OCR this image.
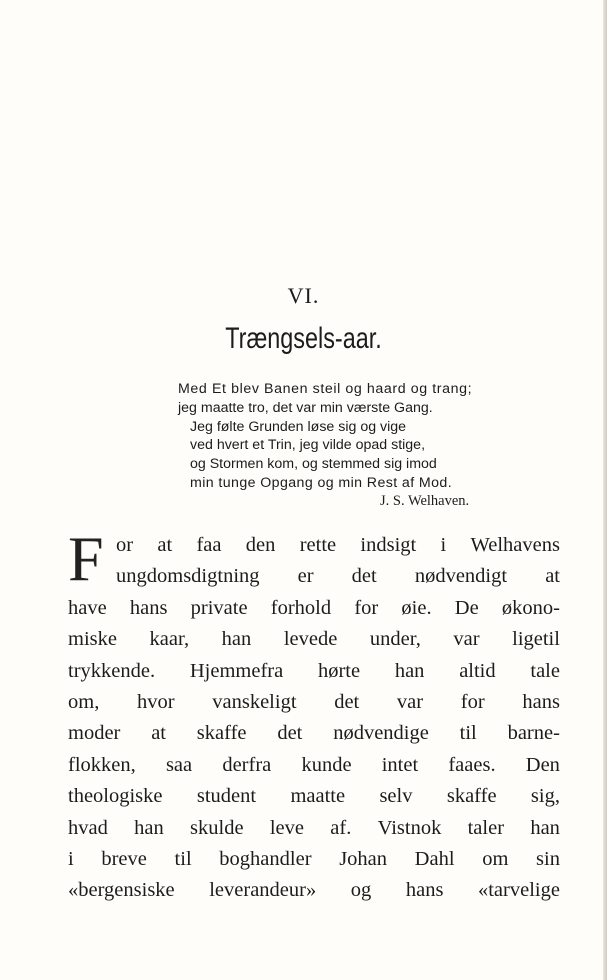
VI.
Trængsels-aar.
Med Et blev Banen steil og haard og trang;
jeg maatte tro, det var min værste Gang.
Jeg følte Grunden løse sig og vige
ved hvert et Trin, jeg vilde opad stige,
og Stormen kom, og stemmed sig imod
min tunge Opgang og min Rest af Mod.
J. S. Welhaven.
F or at faa den rette indsigt i Welhavens
ungdomsdigtning er det nødvendigt at
have hans private forhold for øie. De økono-
miske kaar, han levede under, var ligetil
trykkende. Hjemmefra hørte han altid tale
om, hvor vanskeligt det var for hans
moder at skaffe det nødvendige til barne-
flokken, saa derfra kunde intet faaes. Den
theologiske student maatte selv skaffe sig,
hvad han skulde leve af. Vistnok taler han
i breve til boghandler Johan Dahl om sin
«bergensiske leverandeur» og hans «tarvelige
